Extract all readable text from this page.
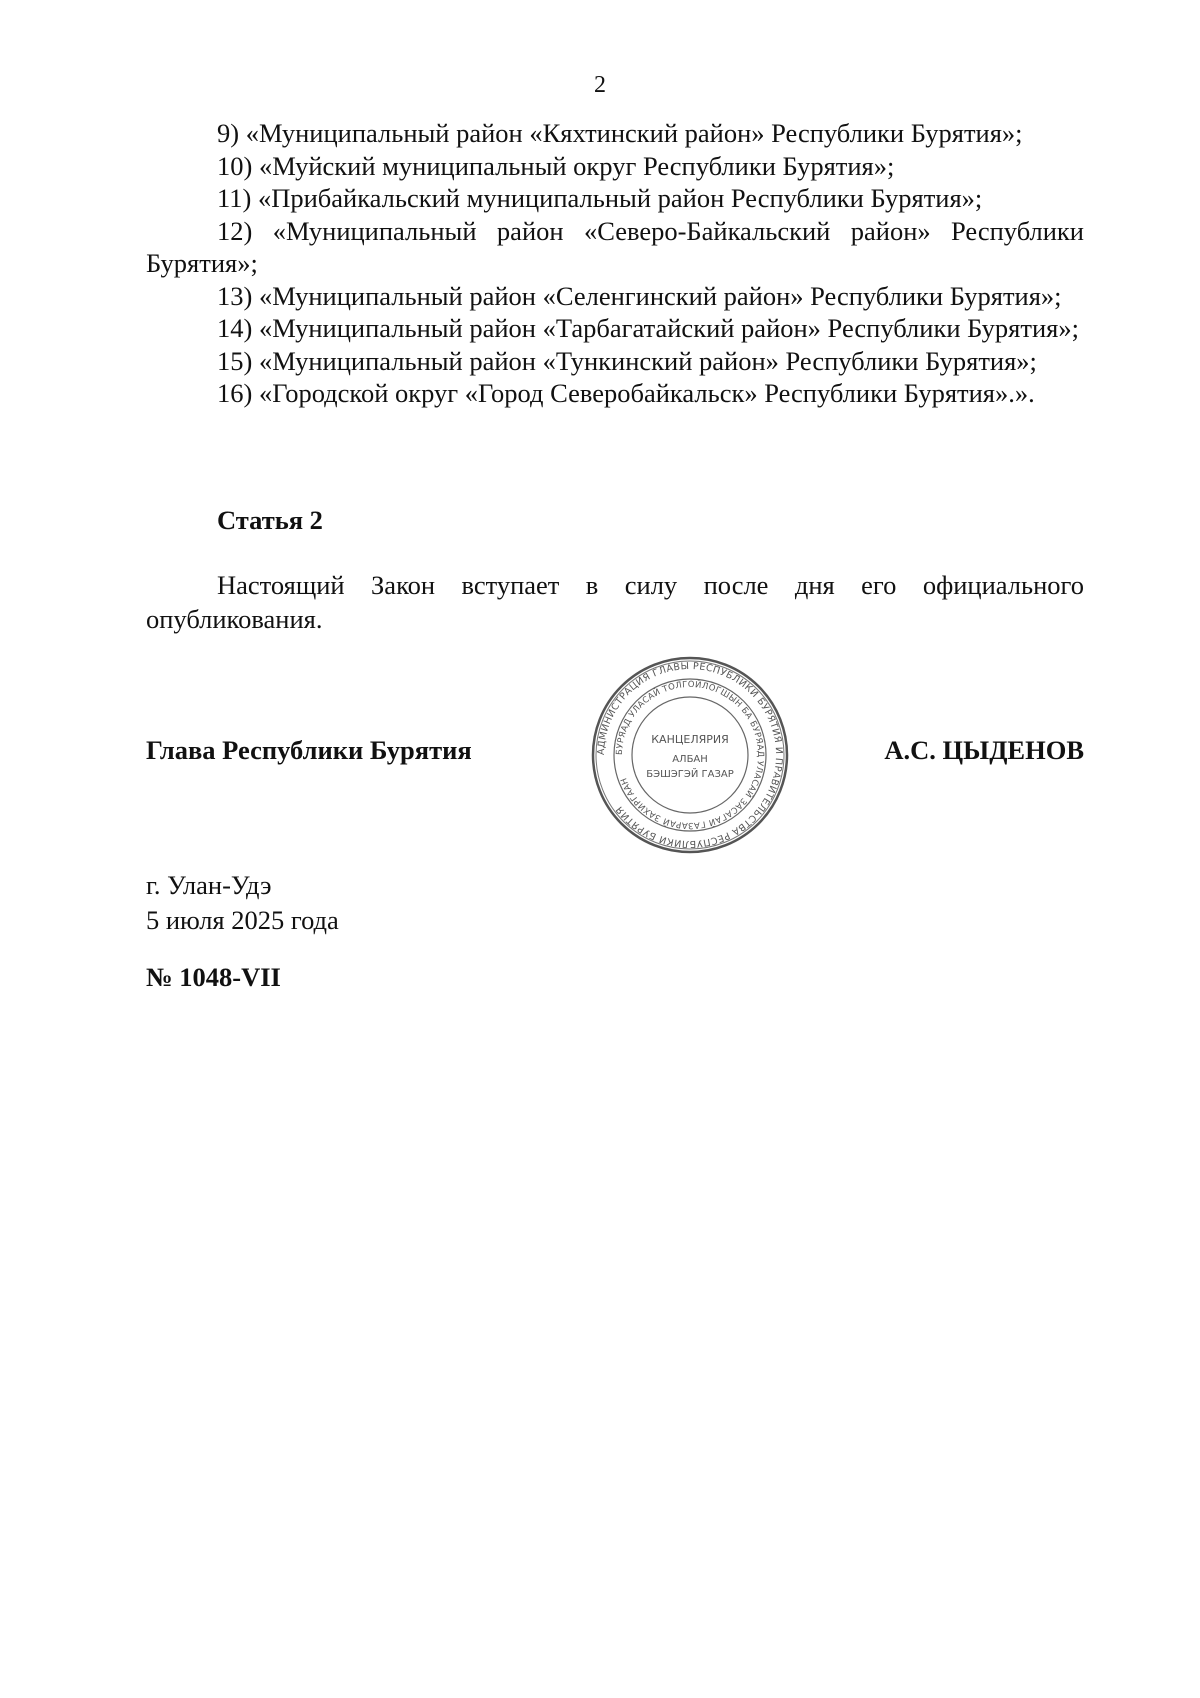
2

9) «Муниципальный район «Кяхтинский район» Республики Бурятия»;

10) «Муйский муниципальный округ Республики Бурятия»;

11) «Прибайкальский муниципальный район Республики Бурятия»;

12) «Муниципальный район «Северо-Байкальский район» Республики Бурятия»;

13) «Муниципальный район «Селенгинский район» Республики Бурятия»;

14) «Муниципальный район «Тарбагатайский район» Республики Бурятия»;

15) «Муниципальный район «Тункинский район» Республики Бурятия»;

16) «Городской округ «Город Северобайкальск» Республики Бурятия».».

Статья 2

Настоящий Закон вступает в силу после дня его официального опубликования.

Глава Республики Бурятия	АДМИНИСТРАЦИЯ ГЛАВЫ РЕСПУБЛИКИ БУРЯТИЯ И ПРАВИТЕЛЬСТВА РЕСПУБЛИКИ БУРЯТИЯ
БУРЯАД УЛАСАЙ ТОЛГОЙЛОГШЫН БА БУРЯАД УЛАСАЙ ЗАСАГАЙ ГАЗАРАЙ ЗАХИРГААН
КАНЦЕЛЯРИЯ
АЛБАН
БЭШЭГЭЙ ГАЗАР
А.С. ЦЫДЕНОВ
г. Улан-Удэ
5 июля 2025 года
№ 1048-VII
